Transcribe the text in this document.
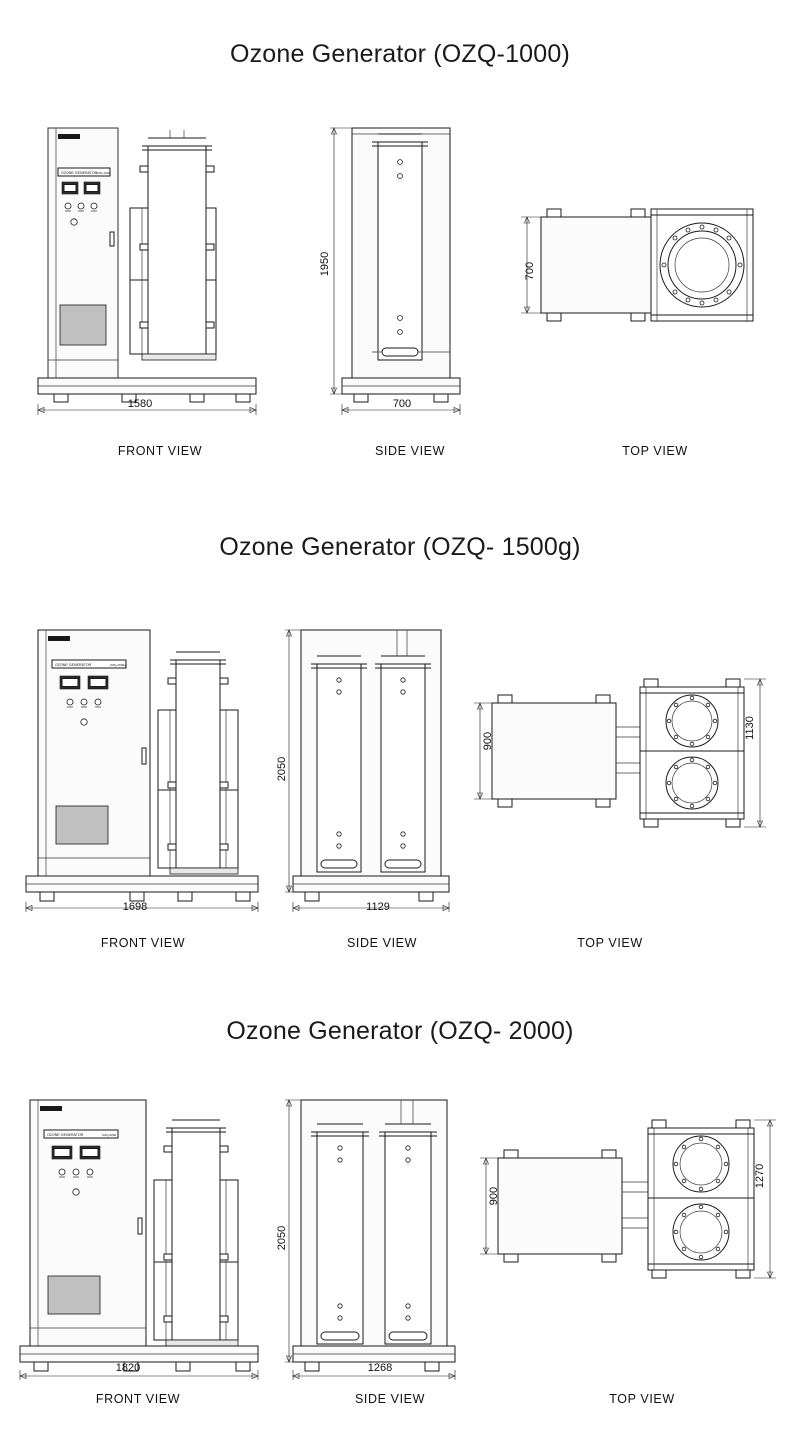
Ozone Generator (OZQ-1000)
OZONE TECH
OZONE GENERATOR
OZQ-1000
1580
FRONT VIEW
1950
700
SIDE VIEW
700
TOP VIEW
Ozone Generator (OZQ- 1500g)
OZONE TECH
OZONE GENERATOR	OZQ-1500g
1698
FRONT VIEW
2050
1129
SIDE VIEW
900
1130
TOP VIEW
Ozone Generator (OZQ- 2000)
OZONE TECH
OZONE GENERATOR	OZQ-2000
1820
FRONT VIEW
2050
1268
SIDE VIEW
900
1270
TOP VIEW
